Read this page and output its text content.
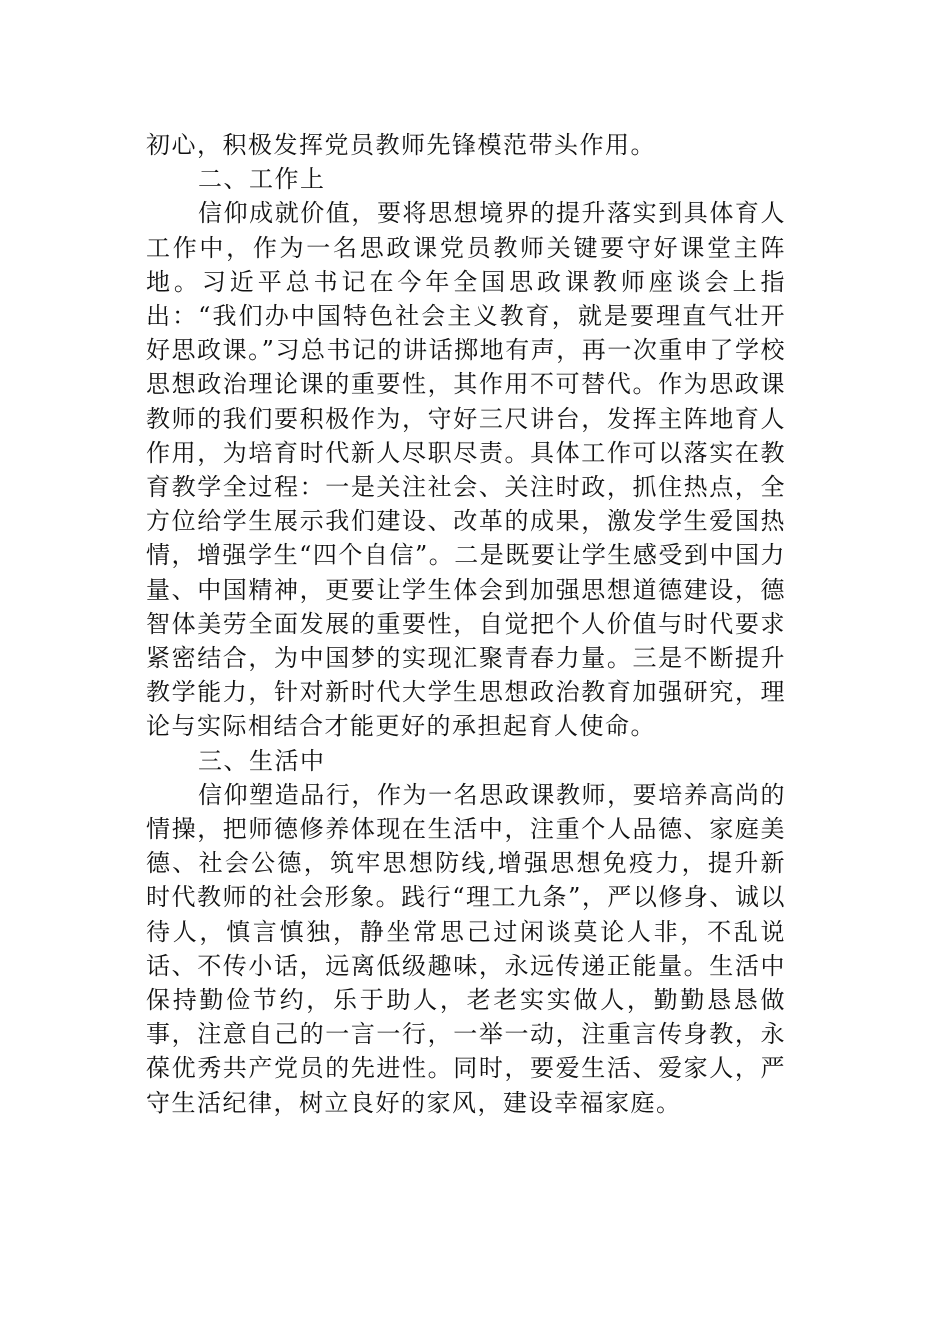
初心，积极发挥党员教师先锋模范带头作用。

二、工作上

信仰成就价值，要将思想境界的提升落实到具体育人工作中，作为一名思政课党员教师关键要守好课堂主阵地。习近平总书记在今年全国思政课教师座谈会上指出：“我们办中国特色社会主义教育，就是要理直气壮开好思政课。”习总书记的讲话掷地有声，再一次重申了学校思想政治理论课的重要性，其作用不可替代。作为思政课教师的我们要积极作为，守好三尺讲台，发挥主阵地育人作用，为培育时代新人尽职尽责。具体工作可以落实在教育教学全过程：一是关注社会、关注时政，抓住热点，全方位给学生展示我们建设、改革的成果，激发学生爱国热情，增强学生“四个自信”。二是既要让学生感受到中国力量、中国精神，更要让学生体会到加强思想道德建设，德智体美劳全面发展的重要性，自觉把个人价值与时代要求紧密结合，为中国梦的实现汇聚青春力量。三是不断提升教学能力，针对新时代大学生思想政治教育加强研究，理论与实际相结合才能更好的承担起育人使命。

三、生活中

信仰塑造品行，作为一名思政课教师，要培养高尚的情操，把师德修养体现在生活中，注重个人品德、家庭美德、社会公德，筑牢思想防线,增强思想免疫力，提升新时代教师的社会形象。践行“理工九条”，严以修身、诚以待人，慎言慎独，静坐常思己过闲谈莫论人非，不乱说话、不传小话，远离低级趣味，永远传递正能量。生活中保持勤俭节约，乐于助人，老老实实做人，勤勤恳恳做事，注意自己的一言一行，一举一动，注重言传身教，永葆优秀共产党员的先进性。同时，要爱生活、爱家人，严守生活纪律，树立良好的家风，建设幸福家庭。
